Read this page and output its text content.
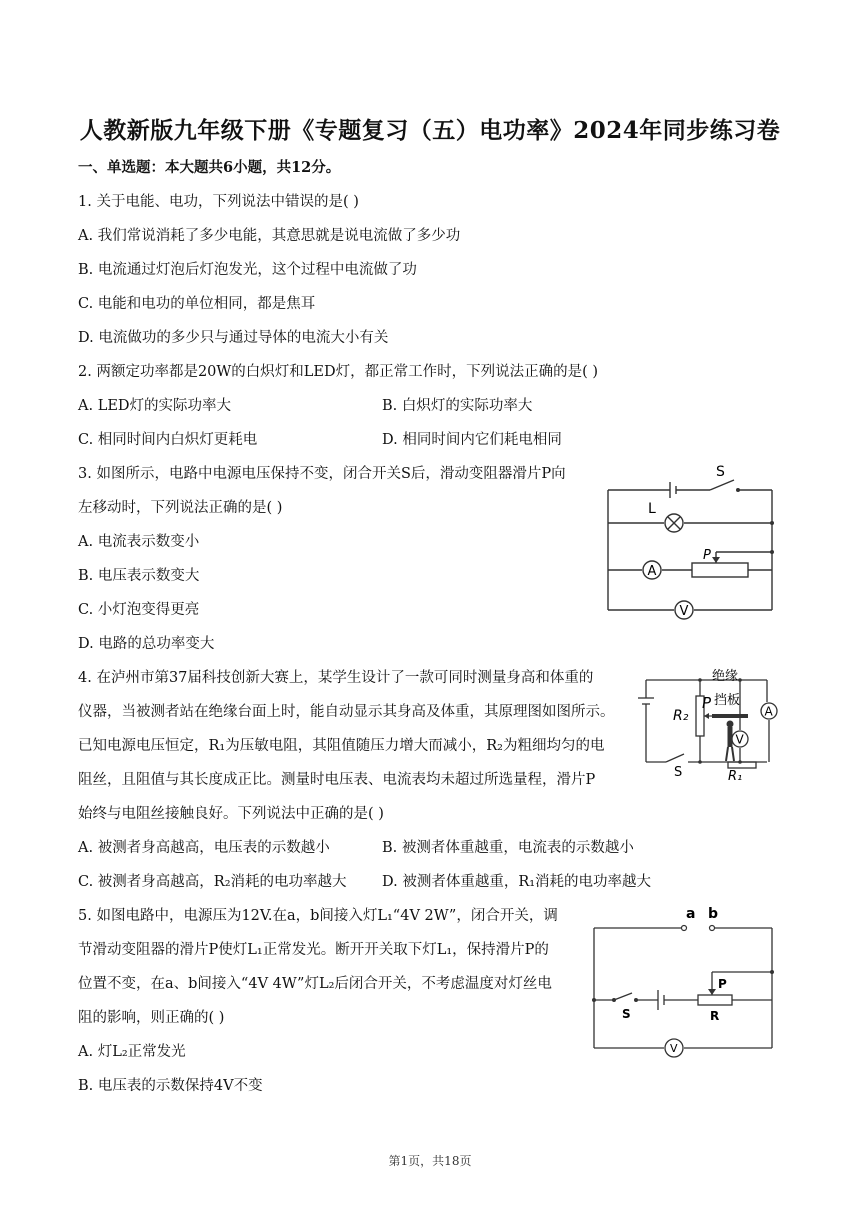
人教新版九年级下册《专题复习（五）电功率》2024年同步练习卷
一、单选题：本大题共6小题，共12分。
1. 关于电能、电功，下列说法中错误的是( )
A. 我们常说消耗了多少电能，其意思就是说电流做了多少功
B. 电流通过灯泡后灯泡发光，这个过程中电流做了功
C. 电能和电功的单位相同，都是焦耳
D. 电流做功的多少只与通过导体的电流大小有关
2. 两额定功率都是20W的白炽灯和LED灯，都正常工作时，下列说法正确的是( )
A. LED灯的实际功率大	B. 白炽灯的实际功率大
C. 相同时间内白炽灯更耗电	D. 相同时间内它们耗电相同
3. 如图所示，电路中电源电压保持不变，闭合开关S后，滑动变阻器滑片P向
左移动时，下列说法正确的是( )
A. 电流表示数变小
B. 电压表示数变大
C. 小灯泡变得更亮
D. 电路的总功率变大
S
L
P
A
V
4. 在泸州市第37届科技创新大赛上，某学生设计了一款可同时测量身高和体重的
仪器，当被测者站在绝缘台面上时，能自动显示其身高及体重，其原理图如图所示。
已知电源电压恒定，R₁为压敏电阻，其阻值随压力增大而减小，R₂为粗细均匀的电
阻丝，且阻值与其长度成正比。测量时电压表、电流表均未超过所选量程，滑片P
始终与电阻丝接触良好。下列说法中正确的是( )
A. 被测者身高越高，电压表的示数越小	B. 被测者体重越重，电流表的示数越小
C. 被测者身高越高，R₂消耗的电功率越大 D. 被测者体重越重，R₁消耗的电功率越大
绝缘
挡板
P
R₂
R₁
S
A
V
5. 如图电路中，电源压为12V.在a，b间接入灯L₁“4V 2W”，闭合开关，调
节滑动变阻器的滑片P使灯L₁正常发光。断开开关取下灯L₁，保持滑片P的
位置不变，在a、b间接入“4V 4W”灯L₂后闭合开关，不考虑温度对灯丝电
阻的影响，则正确的( )
A. 灯L₂正常发光
B. 电压表的示数保持4V不变
a b
S
P
R
V
第1页，共18页
